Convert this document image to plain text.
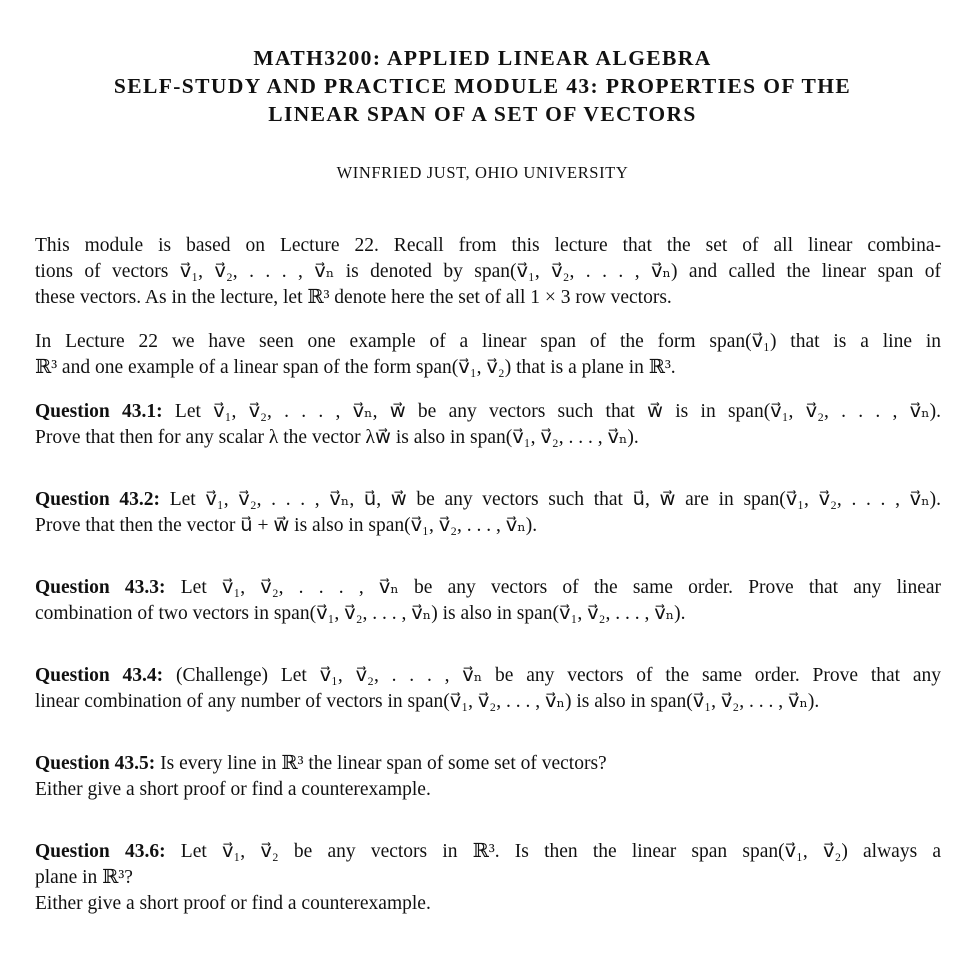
MATH3200: APPLIED LINEAR ALGEBRA
SELF-STUDY AND PRACTICE MODULE 43: PROPERTIES OF THE
LINEAR SPAN OF A SET OF VECTORS
WINFRIED JUST, OHIO UNIVERSITY
This module is based on Lecture 22. Recall from this lecture that the set of all linear combina-
tions of vectors v⃗₁, v⃗₂, . . . , v⃗ₙ is denoted by span(v⃗₁, v⃗₂, . . . , v⃗ₙ) and called the linear span of
these vectors. As in the lecture, let ℝ³ denote here the set of all 1 × 3 row vectors.
In Lecture 22 we have seen one example of a linear span of the form span(v⃗₁) that is a line in
ℝ³ and one example of a linear span of the form span(v⃗₁, v⃗₂) that is a plane in ℝ³.
Question 43.1: Let v⃗₁, v⃗₂, . . . , v⃗ₙ, w⃗ be any vectors such that w⃗ is in span(v⃗₁, v⃗₂, . . . , v⃗ₙ).
Prove that then for any scalar λ the vector λw⃗ is also in span(v⃗₁, v⃗₂, . . . , v⃗ₙ).
Question 43.2: Let v⃗₁, v⃗₂, . . . , v⃗ₙ, u⃗, w⃗ be any vectors such that u⃗, w⃗ are in span(v⃗₁, v⃗₂, . . . , v⃗ₙ).
Prove that then the vector u⃗ + w⃗ is also in span(v⃗₁, v⃗₂, . . . , v⃗ₙ).
Question 43.3: Let v⃗₁, v⃗₂, . . . , v⃗ₙ be any vectors of the same order. Prove that any linear
combination of two vectors in span(v⃗₁, v⃗₂, . . . , v⃗ₙ) is also in span(v⃗₁, v⃗₂, . . . , v⃗ₙ).
Question 43.4: (Challenge) Let v⃗₁, v⃗₂, . . . , v⃗ₙ be any vectors of the same order. Prove that any
linear combination of any number of vectors in span(v⃗₁, v⃗₂, . . . , v⃗ₙ) is also in span(v⃗₁, v⃗₂, . . . , v⃗ₙ).
Question 43.5: Is every line in ℝ³ the linear span of some set of vectors?
Either give a short proof or find a counterexample.
Question 43.6: Let v⃗₁, v⃗₂ be any vectors in ℝ³. Is then the linear span span(v⃗₁, v⃗₂) always a
plane in ℝ³?
Either give a short proof or find a counterexample.
